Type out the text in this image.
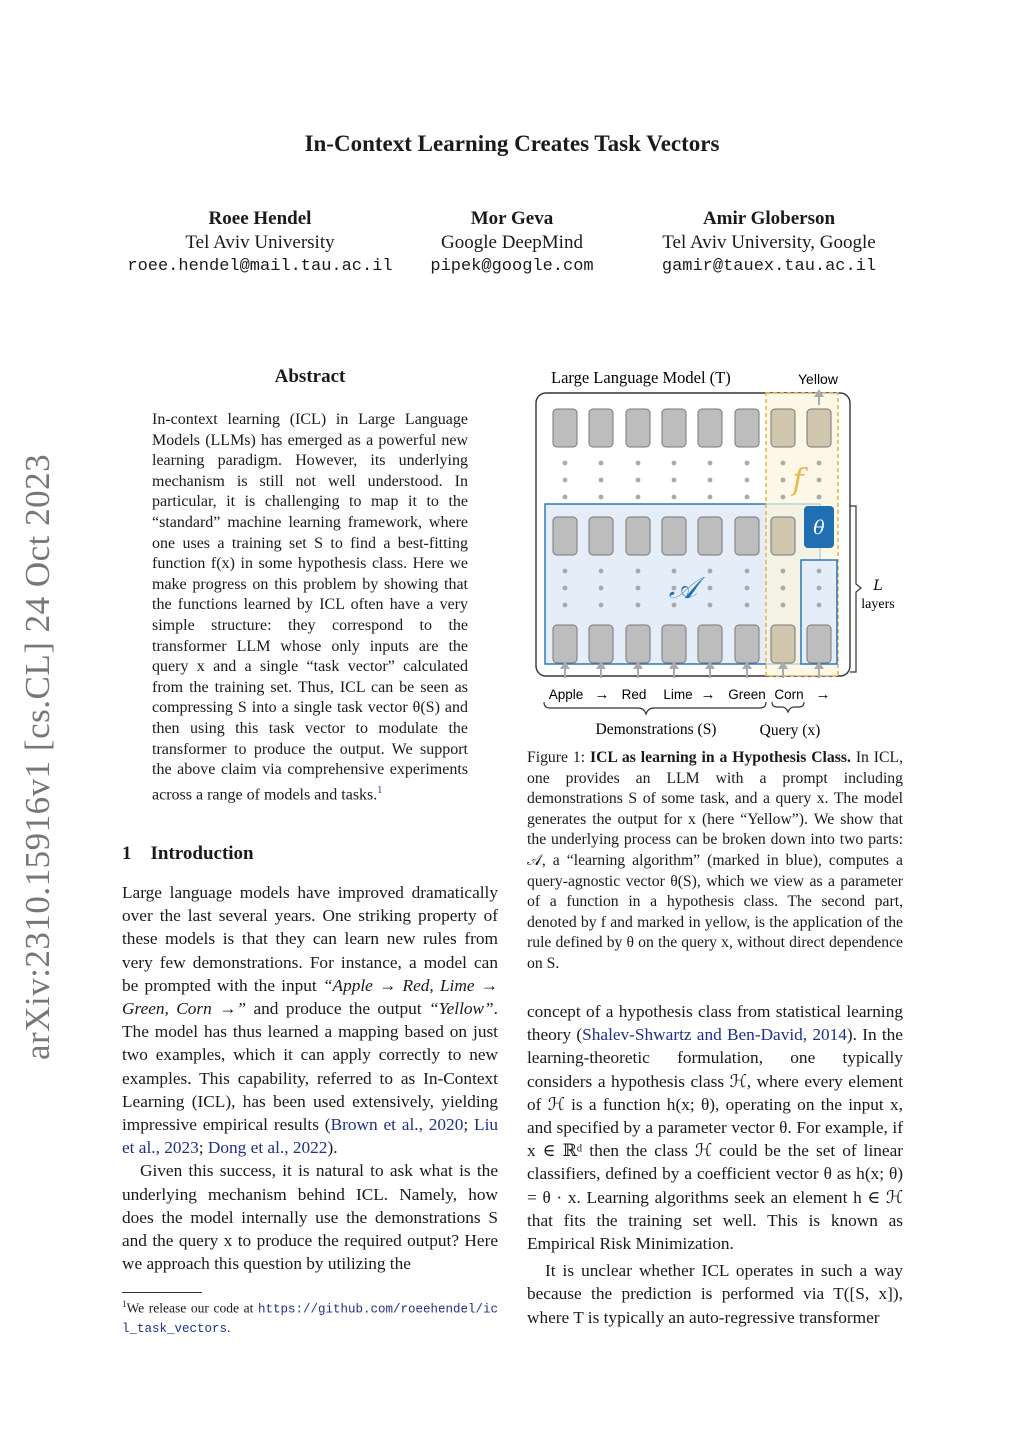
arXiv:2310.15916v1 [cs.CL] 24 Oct 2023
In-Context Learning Creates Task Vectors
Roee Hendel
Tel Aviv University
roee.hendel@mail.tau.ac.il
Mor Geva
Google DeepMind
pipek@google.com
Amir Globerson
Tel Aviv University, Google
gamir@tauex.tau.ac.il
Abstract
In-context learning (ICL) in Large Language Models (LLMs) has emerged as a powerful new learning paradigm. However, its underlying mechanism is still not well understood. In particular, it is challenging to map it to the “standard” machine learning framework, where one uses a training set S to find a best-fitting function f(x) in some hypothesis class. Here we make progress on this problem by showing that the functions learned by ICL often have a very simple structure: they correspond to the transformer LLM whose only inputs are the query x and a single “task vector” calculated from the training set. Thus, ICL can be seen as compressing S into a single task vector θ(S) and then using this task vector to modulate the transformer to produce the output. We support the above claim via comprehensive experiments across a range of models and tasks.$^1$
1    Introduction

Large language models have improved dramatically over the last several years. One striking property of these models is that they can learn new rules from very few demonstrations. For instance, a model can be prompted with the input “Apple → Red, Lime → Green, Corn →” and produce the output “Yellow”. The model has thus learned a mapping based on just two examples, which it can apply correctly to new examples. This capability, referred to as In-Context Learning (ICL), has been used extensively, yielding impressive empirical results (Brown et al., 2020; Liu et al., 2023; Dong et al., 2022).

Given this success, it is natural to ask what is the underlying mechanism behind ICL. Namely, how does the model internally use the demonstrations S and the query x to produce the required output? Here we approach this question by utilizing the

$^1$We release our code at https://github.com/roeehendel/icl_task_vectors.
Large Language Model (T)	Yellow
θ
f
𝒜	L
layers
Apple → Red Lime → Green Corn →
Demonstrations (S)	Query (x)
Figure 1: ICL as learning in a Hypothesis Class. In ICL, one provides an LLM with a prompt including demonstrations S of some task, and a query x. The model generates the output for x (here “Yellow”). We show that the underlying process can be broken down into two parts: 𝒜, a “learning algorithm” (marked in blue), computes a query-agnostic vector θ(S), which we view as a parameter of a function in a hypothesis class. The second part, denoted by f and marked in yellow, is the application of the rule defined by θ on the query x, without direct dependence on S.

concept of a hypothesis class from statistical learning theory (Shalev-Shwartz and Ben-David, 2014). In the learning-theoretic formulation, one typically considers a hypothesis class ℋ, where every element of ℋ is a function h(x; θ), operating on the input x, and specified by a parameter vector θ. For example, if x ∈ ℝᵈ then the class ℋ could be the set of linear classifiers, defined by a coefficient vector θ as h(x; θ) = θ · x. Learning algorithms seek an element h ∈ ℋ that fits the training set well. This is known as Empirical Risk Minimization.

It is unclear whether ICL operates in such a way because the prediction is performed via T([S, x]), where T is typically an auto-regressive transformer
